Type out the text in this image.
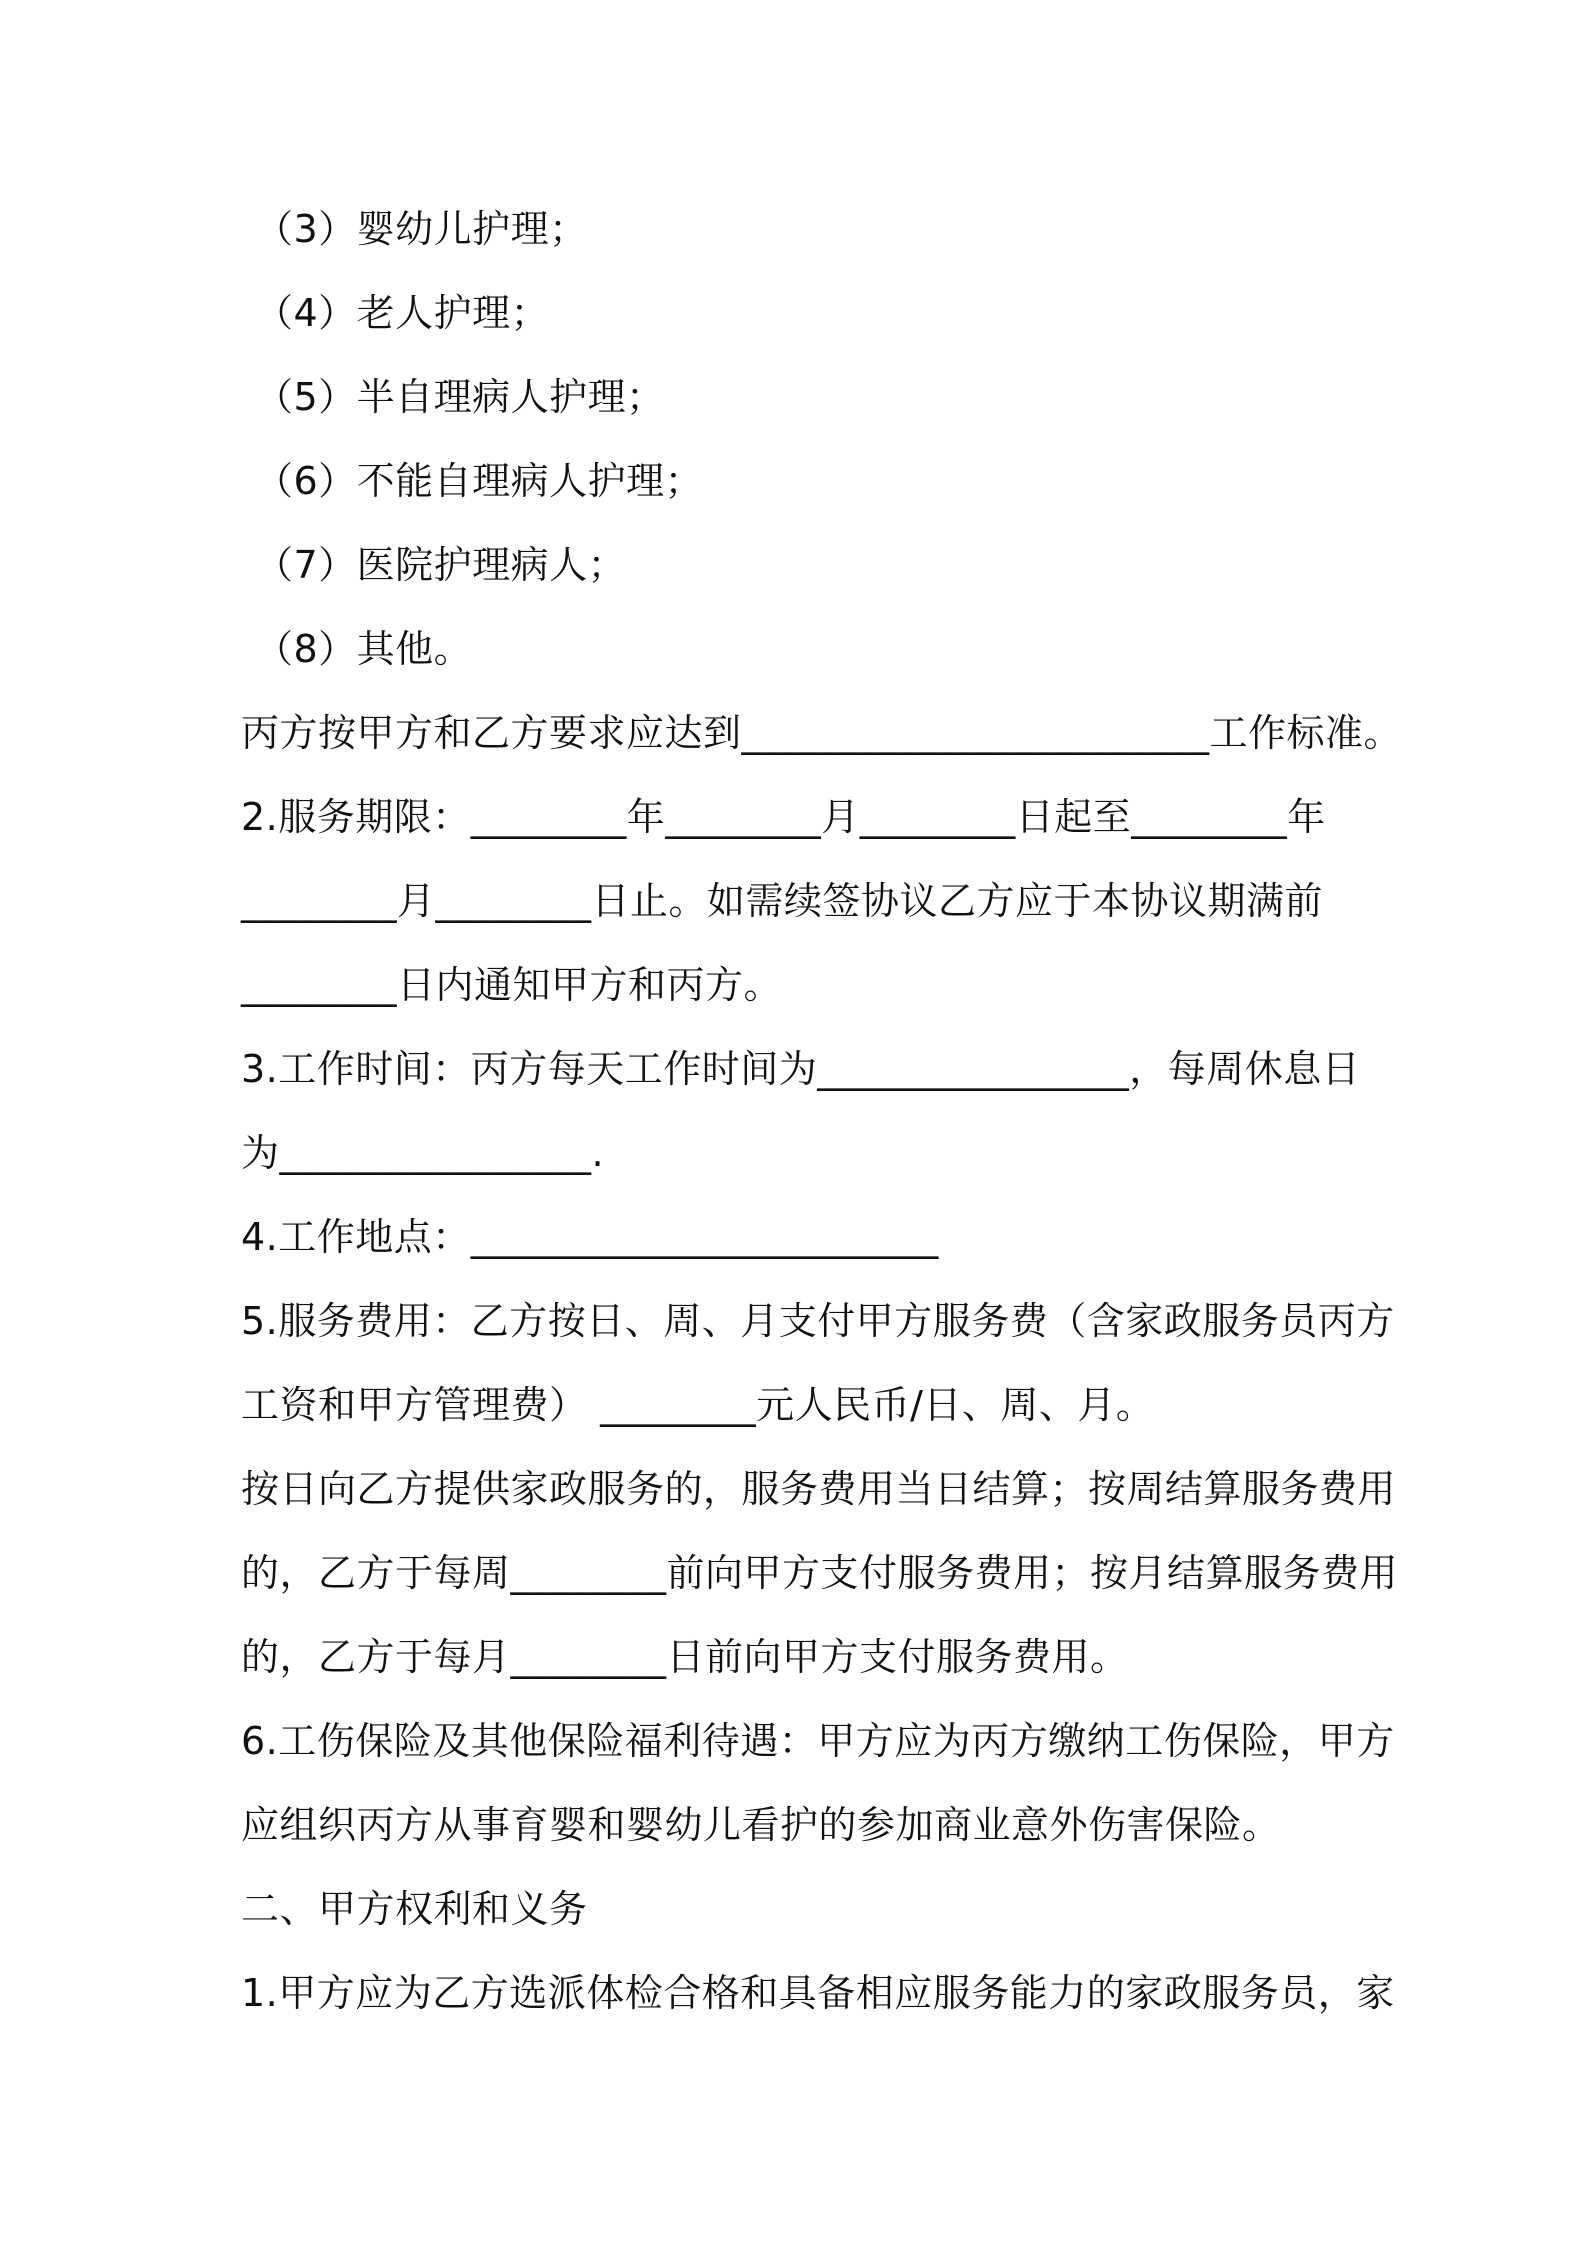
（3）婴幼儿护理；
（4）老人护理；
（5）半自理病人护理；
（6）不能自理病人护理；
（7）医院护理病人；
（8）其他。
丙方按甲方和乙方要求应达到________________________工作标准。
2.服务期限：________年________月________日起至________年
________月________日止。如需续签协议乙方应于本协议期满前
________日内通知甲方和丙方。
3.工作时间：丙方每天工作时间为________________，每周休息日
为________________.
4.工作地点：________________________
5.服务费用：乙方按日、周、月支付甲方服务费（含家政服务员丙方
工资和甲方管理费） ________元人民币/日、周、月。
按日向乙方提供家政服务的，服务费用当日结算；按周结算服务费用
的，乙方于每周________前向甲方支付服务费用；按月结算服务费用
的，乙方于每月________日前向甲方支付服务费用。
6.工伤保险及其他保险福利待遇：甲方应为丙方缴纳工伤保险，甲方
应组织丙方从事育婴和婴幼儿看护的参加商业意外伤害保险。
二、甲方权利和义务
1.甲方应为乙方选派体检合格和具备相应服务能力的家政服务员，家
